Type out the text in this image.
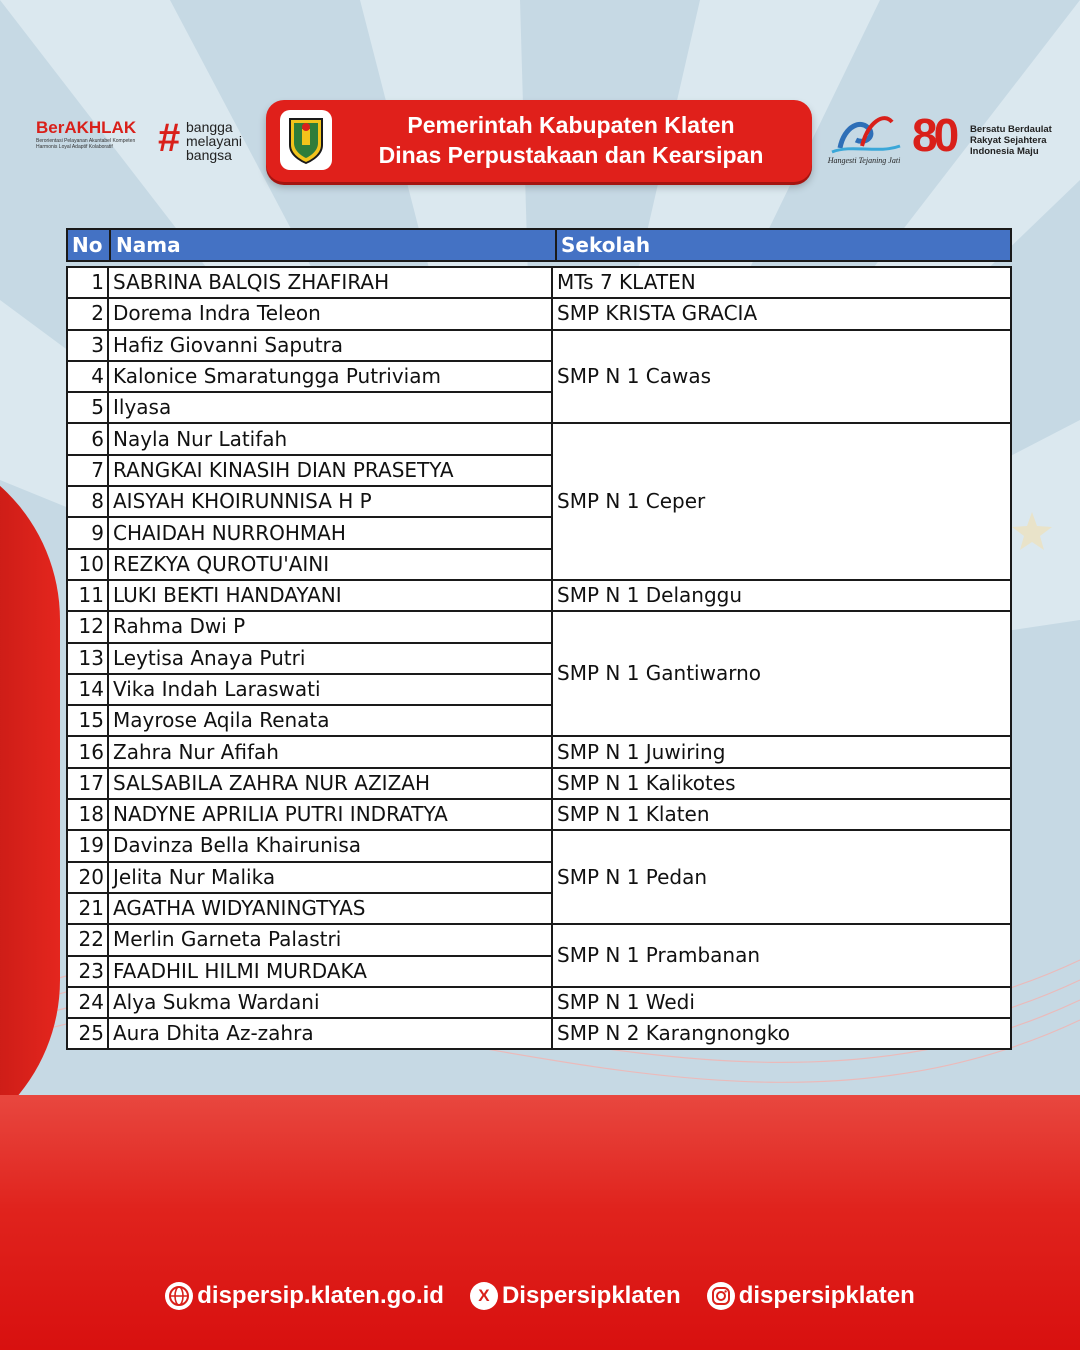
BerAKHLAK
Berorientasi Pelayanan Akuntabel Kompeten Harmonis Loyal Adaptif Kolaboratif	# bangga
melayani
bangsa
Pemerintah Kabupaten Klaten
Dinas Perpustakaan dan Kearsipan	Hangesti Tejaning Jati 80 Bersatu Berdaulat
Rakyat Sejahtera
Indonesia Maju
No Nama	Sekolah
1	SABRINA BALQIS ZHAFIRAH	MTs 7 KLATEN
2	Dorema Indra Teleon	SMP KRISTA GRACIA
3	Hafiz Giovanni Saputra	SMP N 1 Cawas
4	Kalonice Smaratungga Putriviam	
5	Ilyasa	
6	Nayla Nur Latifah	SMP N 1 Ceper
7	RANGKAI KINASIH DIAN PRASETYA	
8	AISYAH KHOIRUNNISA H P	
9	CHAIDAH NURROHMAH	
10	REZKYA QUROTU'AINI	
11	LUKI BEKTI HANDAYANI	SMP N 1 Delanggu
12	Rahma Dwi P	SMP N 1 Gantiwarno
13	Leytisa Anaya Putri	
14	Vika Indah Laraswati	
15	Mayrose Aqila Renata	
16	Zahra Nur Afifah	SMP N 1 Juwiring
17	SALSABILA ZAHRA NUR AZIZAH	SMP N 1 Kalikotes
18	NADYNE APRILIA PUTRI INDRATYA	SMP N 1 Klaten
19	Davinza Bella Khairunisa	SMP N 1 Pedan
20	Jelita Nur Malika	
21	AGATHA WIDYANINGTYAS	
22	Merlin Garneta Palastri	SMP N 1 Prambanan
23	FAADHIL HILMI MURDAKA	
24	Alya Sukma Wardani	SMP N 1 Wedi
25	Aura Dhita Az-zahra	SMP N 2 Karangnongko
dispersip.klaten.go.id	X Dispersipklaten dispersipklaten
